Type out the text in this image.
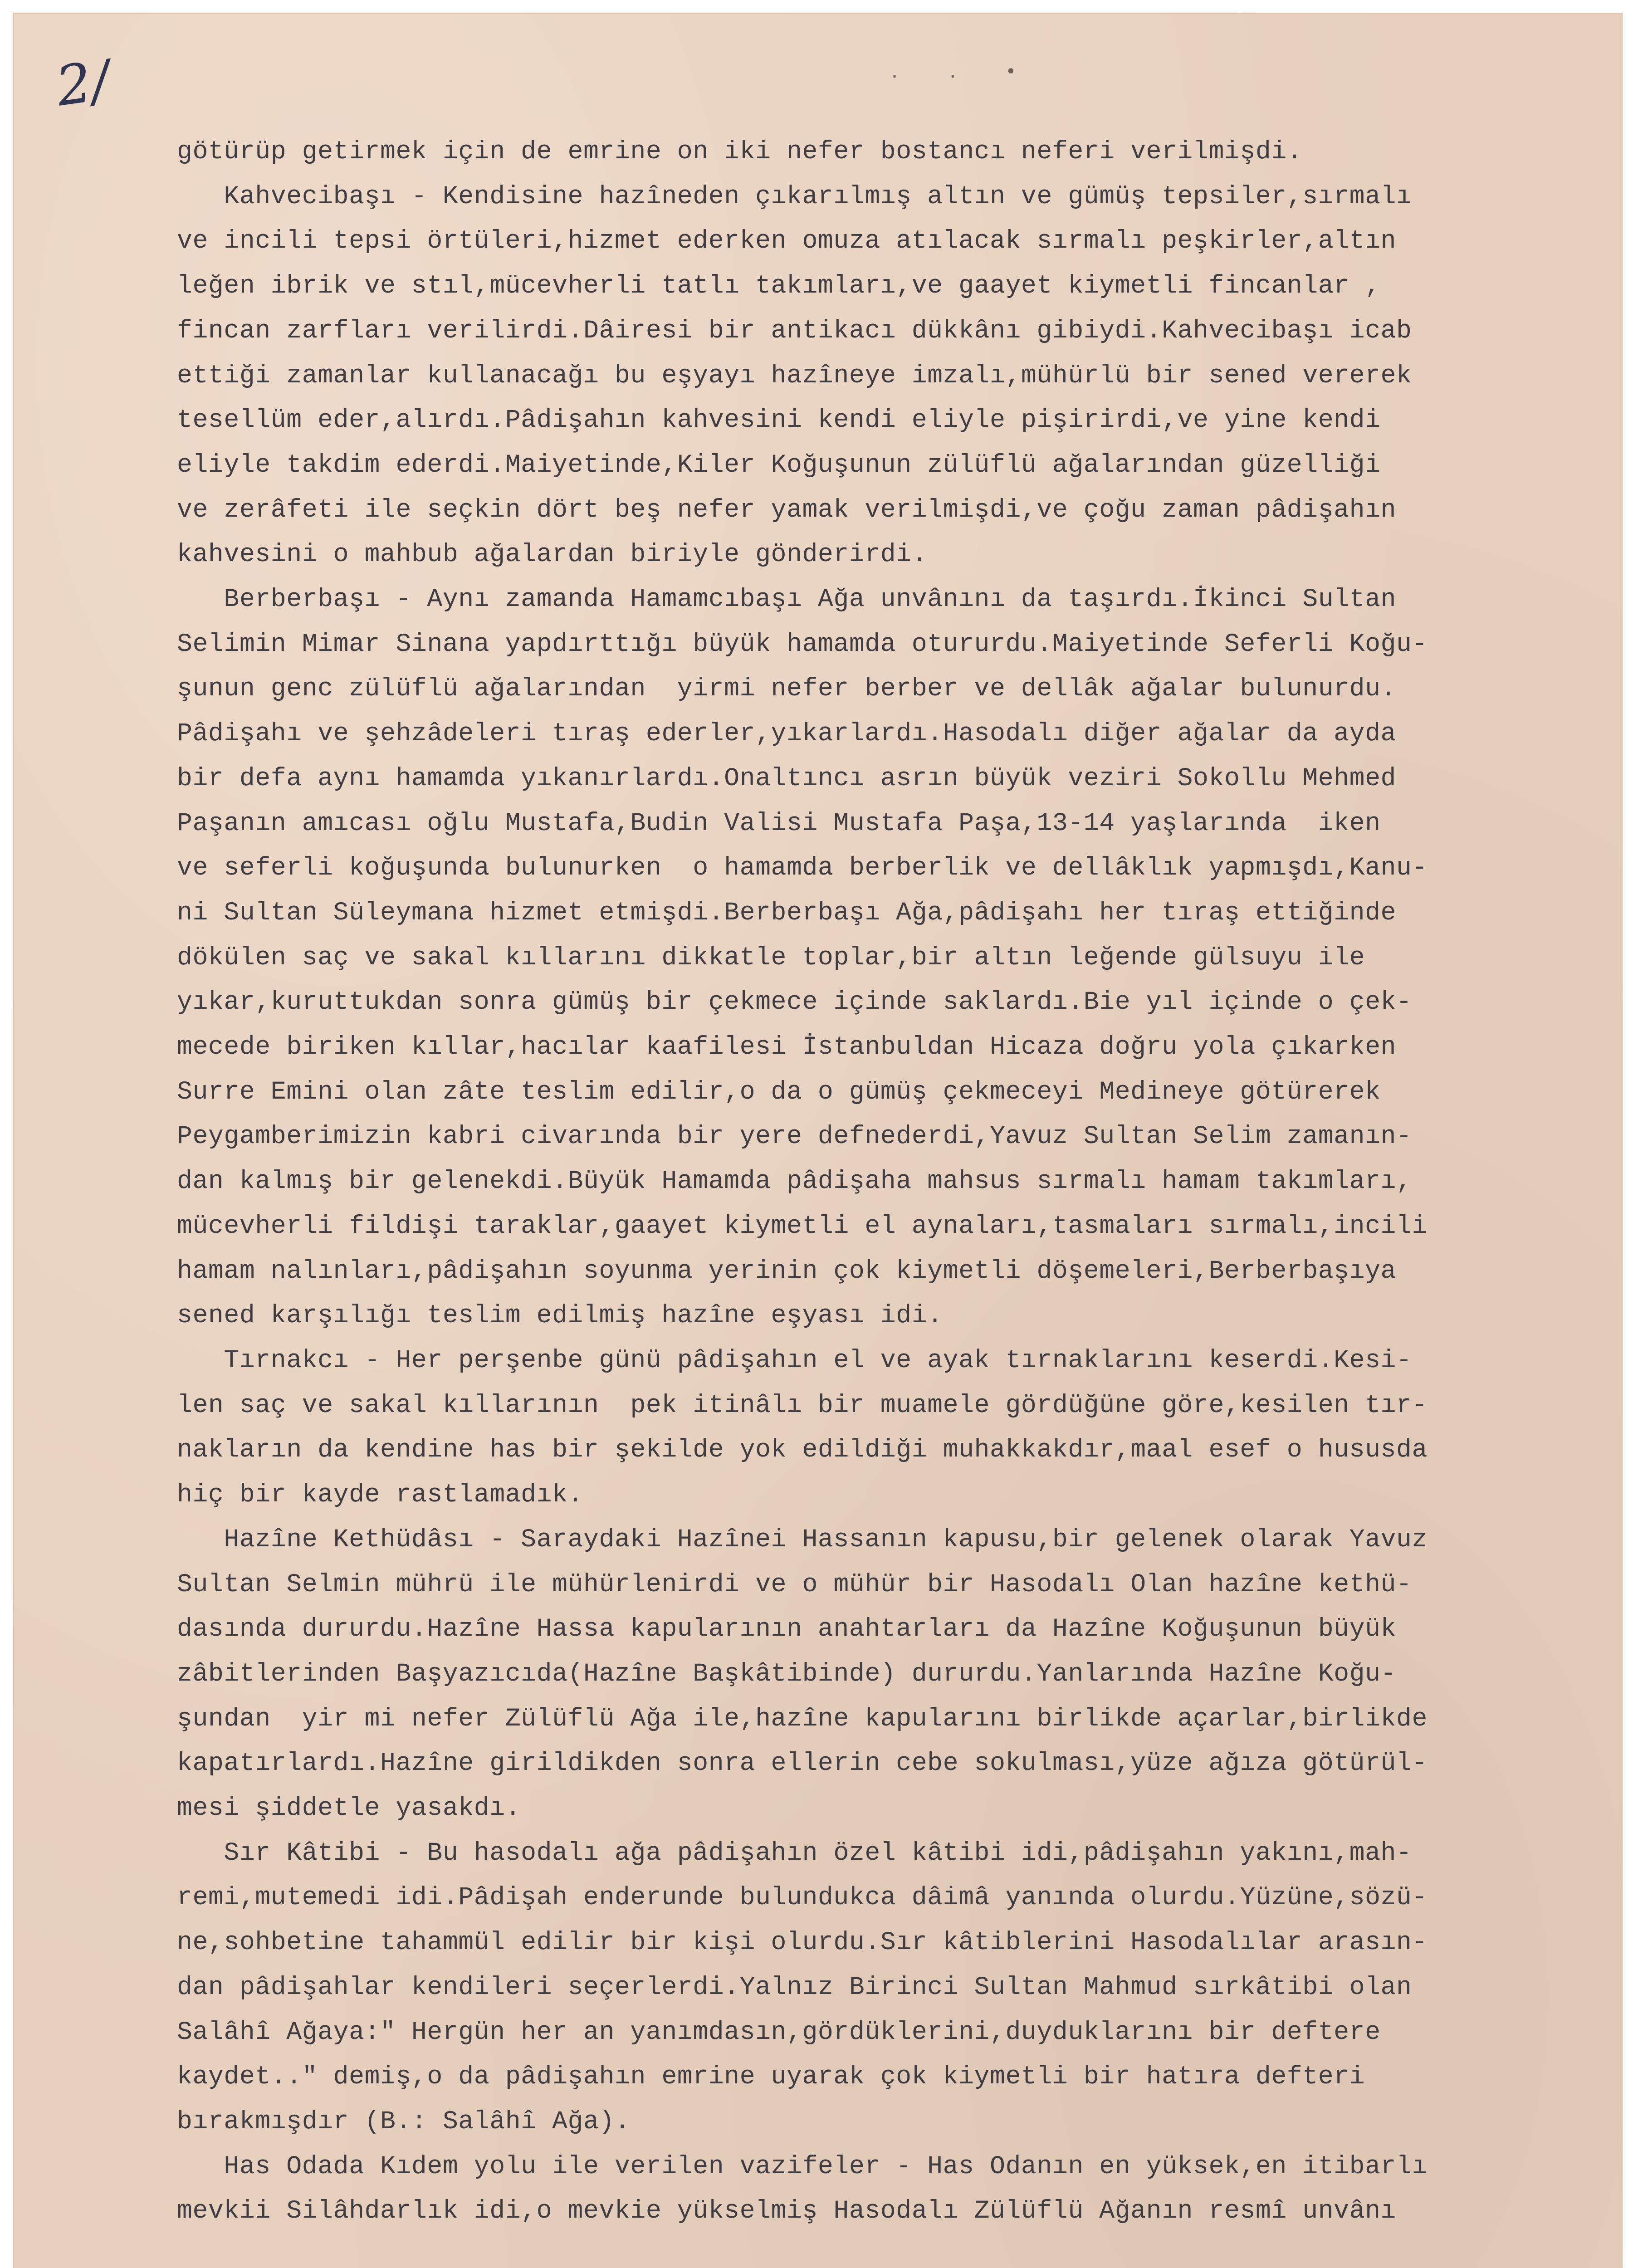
2/	. . •
götürüp getirmek için de emrine on iki nefer bostancı neferi verilmişdi.
Kahvecibaşı - Kendisine hazîneden çıkarılmış altın ve gümüş tepsiler,sırmalı
ve incili tepsi örtüleri,hizmet ederken omuza atılacak sırmalı peşkirler,altın
leğen ibrik ve stıl,mücevherli tatlı takımları,ve gaayet kiymetli fincanlar ,
fincan zarfları verilirdi.Dâiresi bir antikacı dükkânı gibiydi.Kahvecibaşı icab
ettiği zamanlar kullanacağı bu eşyayı hazîneye imzalı,mühürlü bir sened vererek
tesellüm eder,alırdı.Pâdişahın kahvesini kendi eliyle pişirirdi,ve yine kendi
eliyle takdim ederdi.Maiyetinde,Kiler Koğuşunun zülüflü ağalarından güzelliği
ve zerâfeti ile seçkin dört beş nefer yamak verilmişdi,ve çoğu zaman pâdişahın
kahvesini o mahbub ağalardan biriyle gönderirdi.
Berberbaşı - Aynı zamanda Hamamcıbaşı Ağa unvânını da taşırdı.İkinci Sultan
Selimin Mimar Sinana yapdırttığı büyük hamamda otururdu.Maiyetinde Seferli Koğu-
şunun genc zülüflü ağalarından  yirmi nefer berber ve dellâk ağalar bulunurdu.
Pâdişahı ve şehzâdeleri tıraş ederler,yıkarlardı.Hasodalı diğer ağalar da ayda
bir defa aynı hamamda yıkanırlardı.Onaltıncı asrın büyük veziri Sokollu Mehmed
Paşanın amıcası oğlu Mustafa,Budin Valisi Mustafa Paşa,13-14 yaşlarında  iken
ve seferli koğuşunda bulunurken  o hamamda berberlik ve dellâklık yapmışdı,Kanu-
ni Sultan Süleymana hizmet etmişdi.Berberbaşı Ağa,pâdişahı her tıraş ettiğinde
dökülen saç ve sakal kıllarını dikkatle toplar,bir altın leğende gülsuyu ile
yıkar,kuruttukdan sonra gümüş bir çekmece içinde saklardı.Bie yıl içinde o çek-
mecede biriken kıllar,hacılar kaafilesi İstanbuldan Hicaza doğru yola çıkarken
Surre Emini olan zâte teslim edilir,o da o gümüş çekmeceyi Medineye götürerek
Peygamberimizin kabri civarında bir yere defnederdi,Yavuz Sultan Selim zamanın-
dan kalmış bir gelenekdi.Büyük Hamamda pâdişaha mahsus sırmalı hamam takımları,
mücevherli fildişi taraklar,gaayet kiymetli el aynaları,tasmaları sırmalı,incili
hamam nalınları,pâdişahın soyunma yerinin çok kiymetli döşemeleri,Berberbaşıya
sened karşılığı teslim edilmiş hazîne eşyası idi.
Tırnakcı - Her perşenbe günü pâdişahın el ve ayak tırnaklarını keserdi.Kesi-
len saç ve sakal kıllarının  pek itinâlı bir muamele gördüğüne göre,kesilen tır-
nakların da kendine has bir şekilde yok edildiği muhakkakdır,maal esef o hususda
hiç bir kayde rastlamadık.
Hazîne Kethüdâsı - Saraydaki Hazînei Hassanın kapusu,bir gelenek olarak Yavuz
Sultan Selmin mührü ile mühürlenirdi ve o mühür bir Hasodalı Olan hazîne kethü-
dasında dururdu.Hazîne Hassa kapularının anahtarları da Hazîne Koğuşunun büyük
zâbitlerinden Başyazıcıda(Hazîne Başkâtibinde) dururdu.Yanlarında Hazîne Koğu-
şundan  yir mi nefer Zülüflü Ağa ile,hazîne kapularını birlikde açarlar,birlikde
kapatırlardı.Hazîne girildikden sonra ellerin cebe sokulması,yüze ağıza götürül-
mesi şiddetle yasakdı.
Sır Kâtibi - Bu hasodalı ağa pâdişahın özel kâtibi idi,pâdişahın yakını,mah-
remi,mutemedi idi.Pâdişah enderunde bulundukca dâimâ yanında olurdu.Yüzüne,sözü-
ne,sohbetine tahammül edilir bir kişi olurdu.Sır kâtiblerini Hasodalılar arasın-
dan pâdişahlar kendileri seçerlerdi.Yalnız Birinci Sultan Mahmud sırkâtibi olan
Salâhî Ağaya:" Hergün her an yanımdasın,gördüklerini,duyduklarını bir deftere
kaydet.." demiş,o da pâdişahın emrine uyarak çok kiymetli bir hatıra defteri
bırakmışdır (B.: Salâhî Ağa).
Has Odada Kıdem yolu ile verilen vazifeler - Has Odanın en yüksek,en itibarlı
mevkii Silâhdarlık idi,o mevkie yükselmiş Hasodalı Zülüflü Ağanın resmî unvânı
